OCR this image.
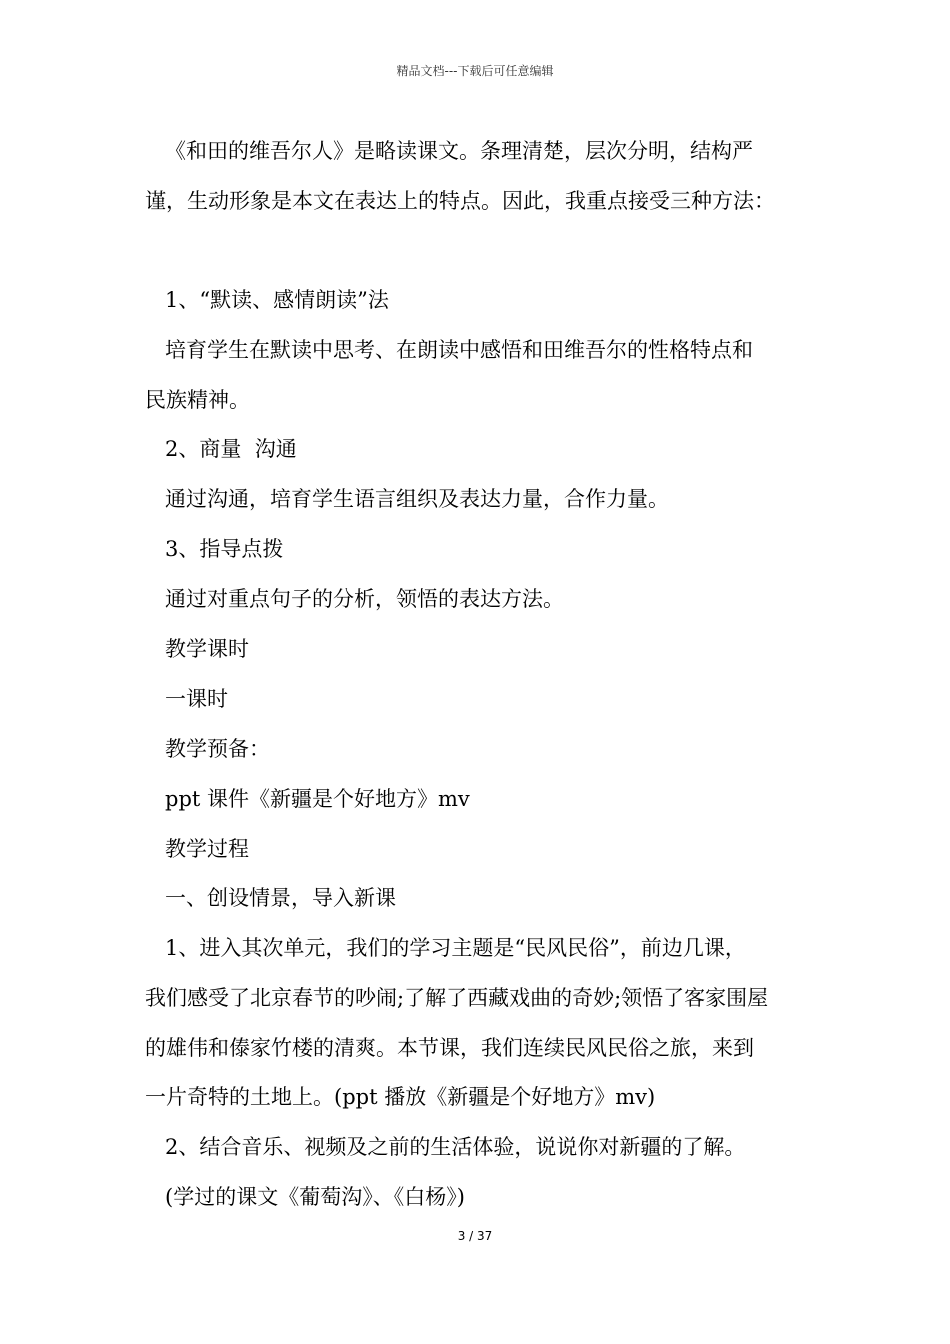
精品文档---下载后可任意编辑
《和田的维吾尔人》是略读课文。条理清楚，层次分明，结构严
谨，生动形象是本文在表达上的特点。因此，我重点接受三种方法：
1、“默读、感情朗读”法
培育学生在默读中思考、在朗读中感悟和田维吾尔的性格特点和
民族精神。
2、商量  沟通
通过沟通，培育学生语言组织及表达力量，合作力量。
3、指导点拨
通过对重点句子的分析，领悟的表达方法。
教学课时
一课时
教学预备：
ppt 课件《新疆是个好地方》mv
教学过程
一、创设情景，导入新课
1、进入其次单元，我们的学习主题是“民风民俗”，前边几课，
我们感受了北京春节的吵闹;了解了西藏戏曲的奇妙;领悟了客家围屋
的雄伟和傣家竹楼的清爽。本节课，我们连续民风民俗之旅，来到
一片奇特的土地上。(ppt 播放《新疆是个好地方》mv)
2、结合音乐、视频及之前的生活体验，说说你对新疆的了解。
(学过的课文《葡萄沟》、《白杨》)
3 / 37
